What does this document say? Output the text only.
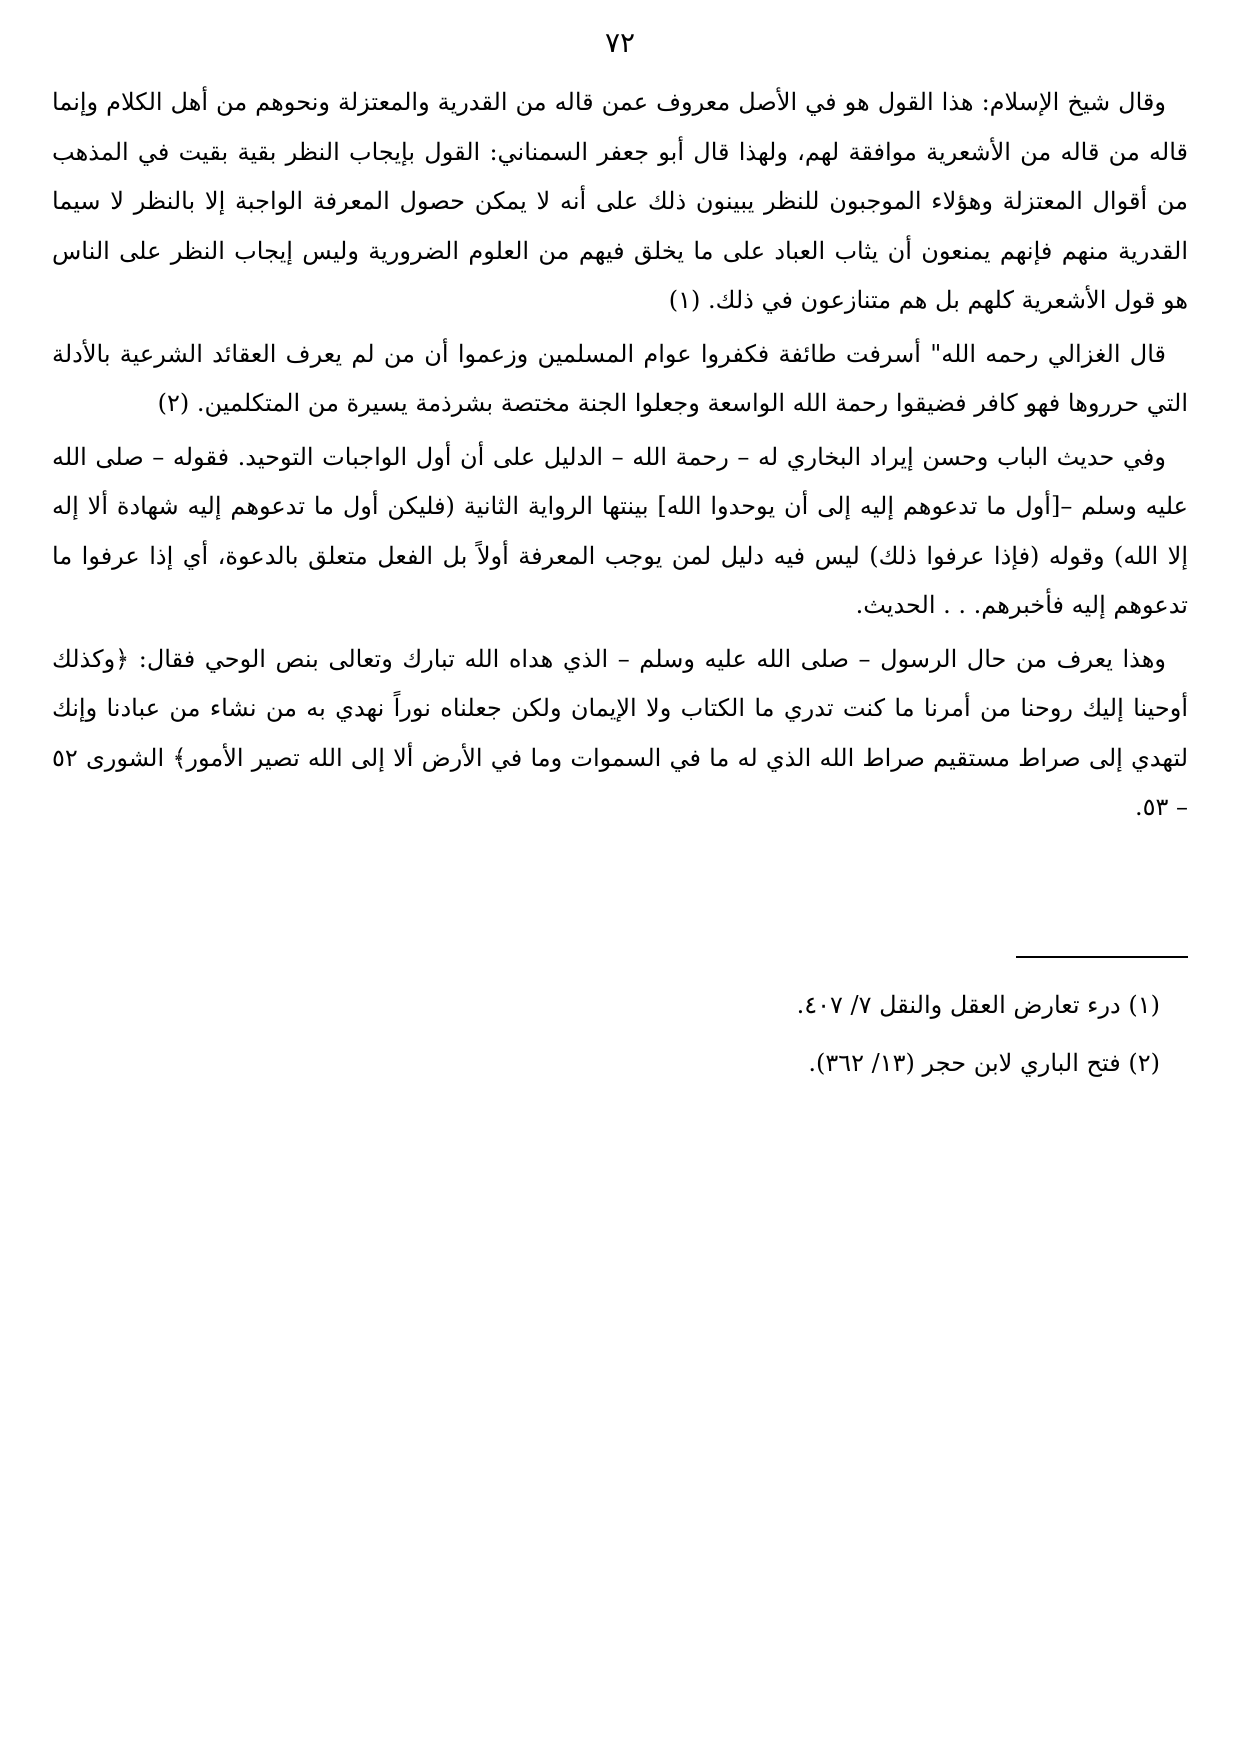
٧٢

وقال شيخ الإسلام: هذا القول هو في الأصل معروف عمن قاله من القدرية والمعتزلة ونحوهم من أهل الكلام وإنما قاله من قاله من الأشعرية موافقة لهم، ولهذا قال أبو جعفر السمناني: القول بإيجاب النظر بقية بقيت في المذهب من أقوال المعتزلة وهؤلاء الموجبون للنظر يبينون ذلك على أنه لا يمكن حصول المعرفة الواجبة إلا بالنظر لا سيما القدرية منهم فإنهم يمنعون أن يثاب العباد على ما يخلق فيهم من العلوم الضرورية وليس إيجاب النظر على الناس هو قول الأشعرية كلهم بل هم متنازعون في ذلك. (١)

قال الغزالي رحمه الله" أسرفت طائفة فكفروا عوام المسلمين وزعموا أن من لم يعرف العقائد الشرعية بالأدلة التي حرروها فهو كافر فضيقوا رحمة الله الواسعة وجعلوا الجنة مختصة بشرذمة يسيرة من المتكلمين. (٢)

وفي حديث الباب وحسن إيراد البخاري له – رحمة الله – الدليل على أن أول الواجبات التوحيد. فقوله – صلى الله عليه وسلم –[أول ما تدعوهم إليه إلى أن يوحدوا الله] بينتها الرواية الثانية (فليكن أول ما تدعوهم إليه شهادة ألا إله إلا الله) وقوله (فإذا عرفوا ذلك) ليس فيه دليل لمن يوجب المعرفة أولاً بل الفعل متعلق بالدعوة، أي إذا عرفوا ما تدعوهم إليه فأخبرهم. . . الحديث.

وهذا يعرف من حال الرسول – صلى الله عليه وسلم – الذي هداه الله تبارك وتعالى بنص الوحي فقال: ﴿وكذلك أوحينا إليك روحنا من أمرنا ما كنت تدري ما الكتاب ولا الإيمان ولكن جعلناه نوراً نهدي به من نشاء من عبادنا وإنك لتهدي إلى صراط مستقيم صراط الله الذي له ما في السموات وما في الأرض ألا إلى الله تصير الأمور﴾ الشورى ٥٢ – ٥٣.

(١) درء تعارض العقل والنقل ٧/ ٤٠٧.

(٢) فتح الباري لابن حجر (١٣/ ٣٦٢).
